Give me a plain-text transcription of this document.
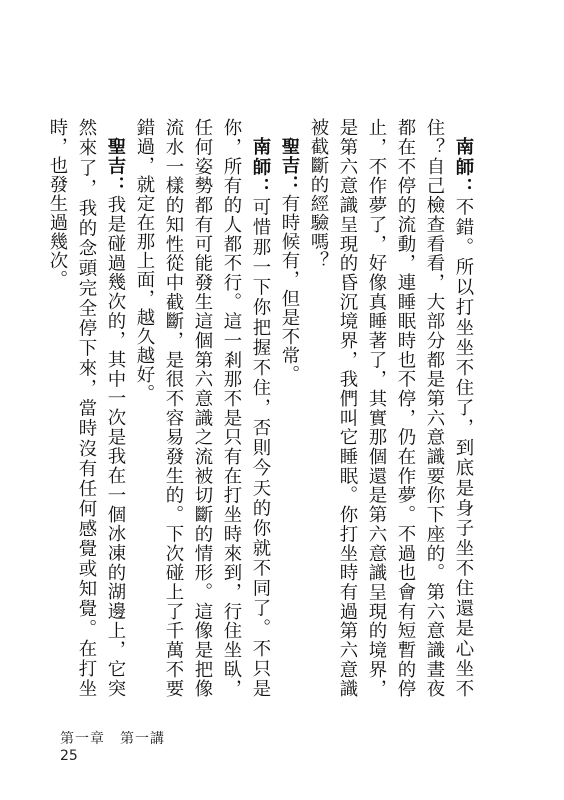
南師：不錯。所以打坐坐不住了，到底是身子坐不住還是心坐不住？自己檢查看看，大部分都是第六意識要你下座的。第六意識晝夜都在不停的流動，連睡眠時也不停，仍在作夢。不過也會有短暫的停止，不作夢了，好像真睡著了，其實那個還是第六意識呈現的境界，是第六意識呈現的昏沉境界，我們叫它睡眠。你打坐時有過第六意識被截斷的經驗嗎？

聖吉：有時候有，但是不常。

南師：可惜那一下你把握不住，否則今天的你就不同了。不只是你，所有的人都不行。這一剎那不是只有在打坐時來到，行住坐臥，任何姿勢都有可能發生這個第六意識之流被切斷的情形。這像是把像流水一樣的知性從中截斷，是很不容易發生的。下次碰上了千萬不要錯過，就定在那上面，越久越好。

聖吉：我是碰過幾次的，其中一次是我在一個冰凍的湖邊上，它突然來了，我的念頭完全停下來，當時沒有任何感覺或知覺。在打坐時，也發生過幾次。

第一章　第一講
25
